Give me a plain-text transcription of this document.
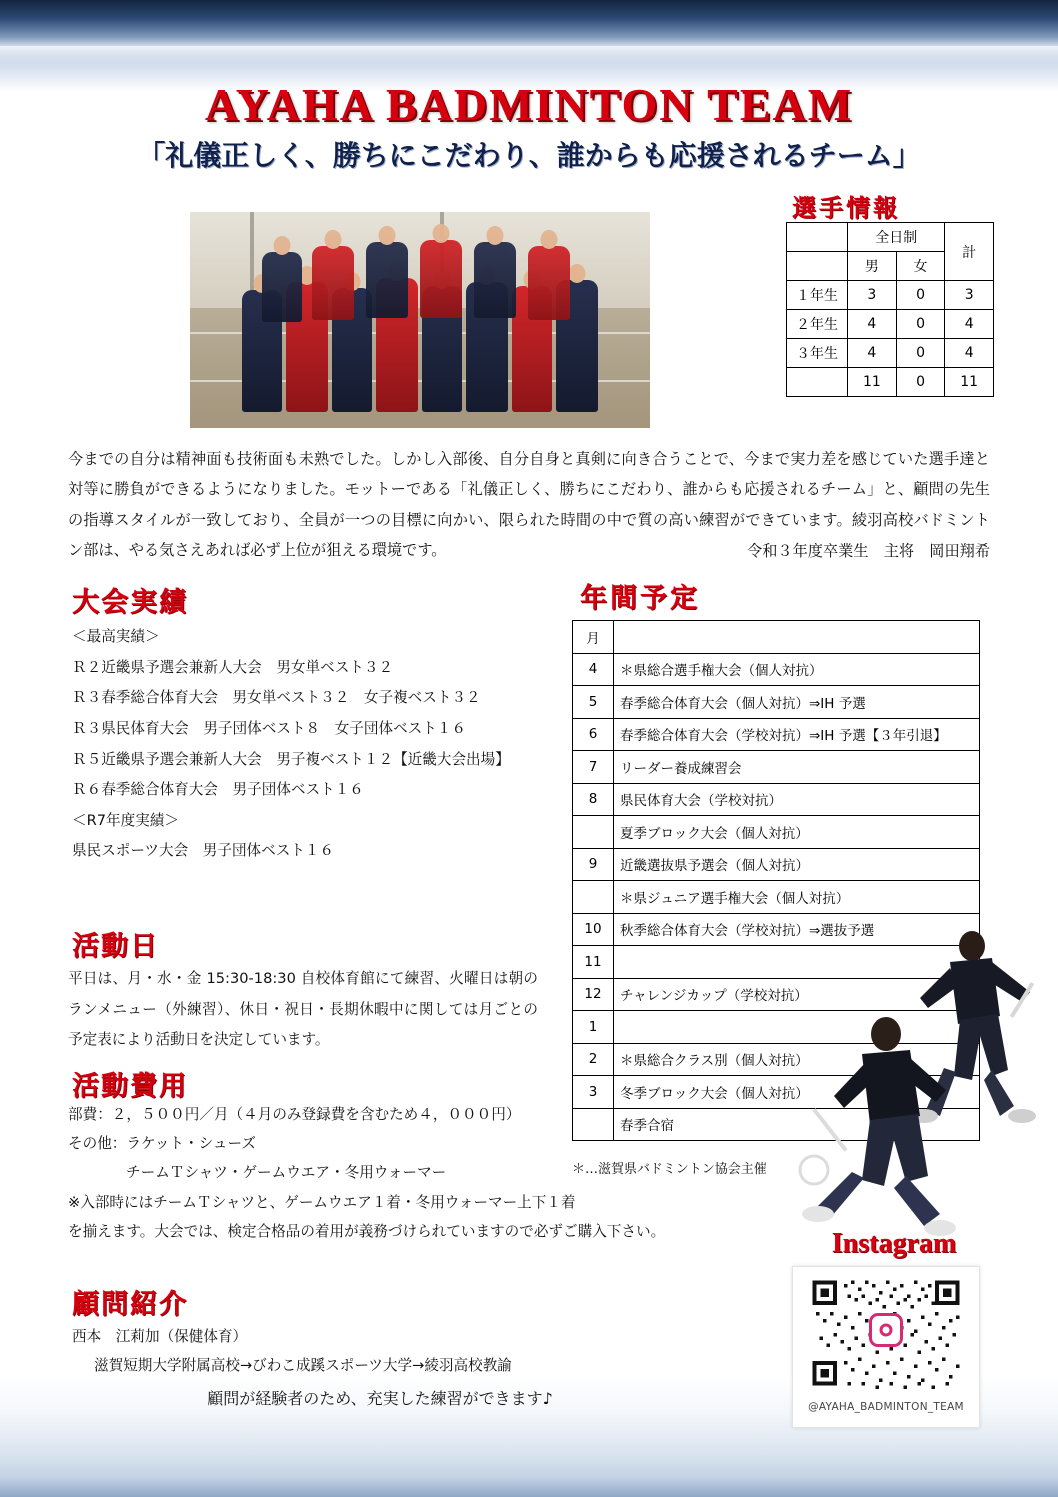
AYAHA BADMINTON TEAM
「礼儀正しく、勝ちにこだわり、誰からも応援されるチーム」
選手情報
	全日制		計
	男	女	
１年生	3	0	3
２年生	4	0	4
３年生	4	0	4
	11	0	11
今までの自分は精神面も技術面も未熟でした。しかし入部後、自分自身と真剣に向き合うことで、今まで実力差を感じていた選手達と対等に勝負ができるようになりました。モットーである「礼儀正しく、勝ちにこだわり、誰からも応援されるチーム」と、顧問の先生の指導スタイルが一致しており、全員が一つの目標に向かい、限られた時間の中で質の高い練習ができています。綾羽高校バドミントン部は、やる気さえあれば必ず上位が狙える環境です。	令和３年度卒業生　主将　岡田翔希
大会実績
＜最高実績＞
Ｒ２近畿県予選会兼新人大会　男女単ベスト３２
Ｒ３春季総合体育大会　男女単ベスト３２　女子複ベスト３２
Ｒ３県民体育大会　男子団体ベスト８　女子団体ベスト１６
Ｒ５近畿県予選会兼新人大会　男子複ベスト１２【近畿大会出場】
Ｒ６春季総合体育大会　男子団体ベスト１６
＜R7年度実績＞
県民スポーツ大会　男子団体ベスト１６
活動日
平日は、月・水・金 15:30-18:30 自校体育館にて練習、火曜日は朝のランメニュー（外練習）、休日・祝日・長期休暇中に関しては月ごとの予定表により活動日を決定しています。
活動費用
部費：２，５００円／月（４月のみ登録費を含むため４，０００円）
その他：ラケット・シューズ
チームＴシャツ・ゲームウエア・冬用ウォーマー
※入部時にはチームＴシャツと、ゲームウエア１着・冬用ウォーマー上下１着
を揃えます。大会では、検定合格品の着用が義務づけられていますので必ずご購入下さい。
顧問紹介
西本　江莉加（保健体育）
滋賀短期大学附属高校→びわこ成蹊スポーツ大学→綾羽高校教諭
顧問が経験者のため、充実した練習ができます♪
年間予定
月	
4	＊県総合選手権大会（個人対抗）
5	春季総合体育大会（個人対抗）⇒IH 予選
6	春季総合体育大会（学校対抗）⇒IH 予選【３年引退】
7	リーダー養成練習会
8	県民体育大会（学校対抗）
	夏季ブロック大会（個人対抗）
9	近畿選抜県予選会（個人対抗）
	＊県ジュニア選手権大会（個人対抗）
10	秋季総合体育大会（学校対抗）⇒選抜予選
11	
12	チャレンジカップ（学校対抗）
1	
2	＊県総合クラス別（個人対抗）
3	冬季ブロック大会（個人対抗）
	春季合宿
＊…滋賀県バドミントン協会主催
Instagram
@AYAHA_BADMINTON_TEAM
